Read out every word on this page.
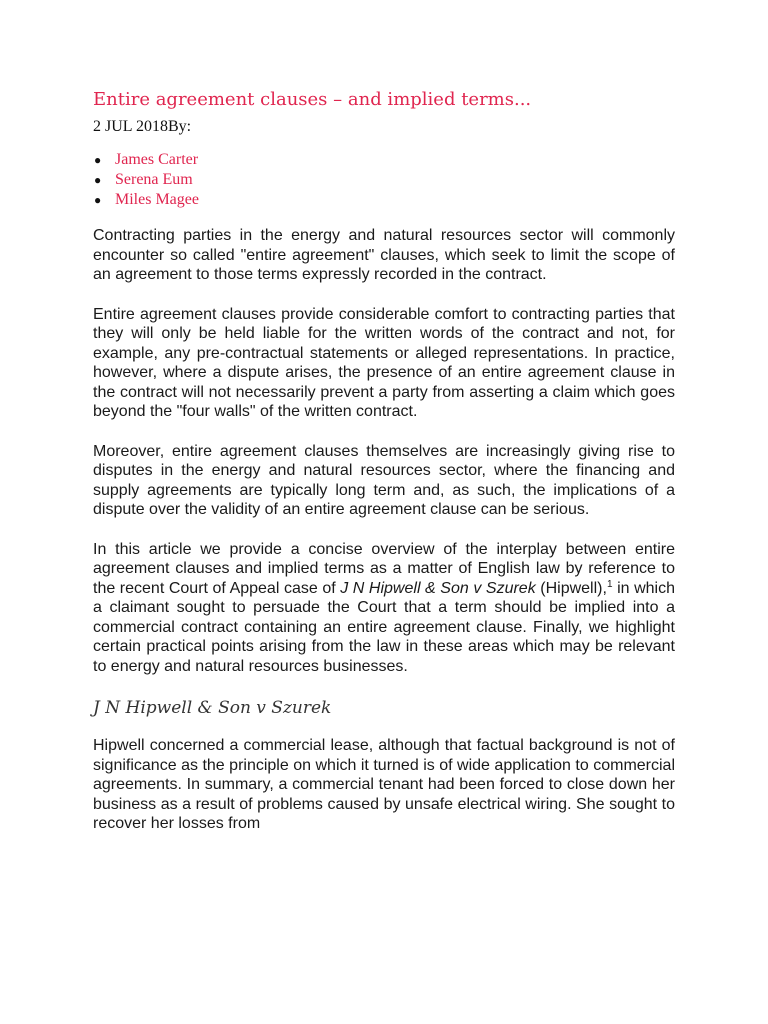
Entire agreement clauses – and implied terms...
2 JUL 2018By:
● James Carter
● Serena Eum
● Miles Magee

Contracting parties in the energy and natural resources sector will commonly encounter so called "entire agreement" clauses, which seek to limit the scope of an agreement to those terms expressly recorded in the contract.

Entire agreement clauses provide considerable comfort to contracting parties that they will only be held liable for the written words of the contract and not, for example, any pre-contractual statements or alleged representations. In practice, however, where a dispute arises, the presence of an entire agreement clause in the contract will not necessarily prevent a party from asserting a claim which goes beyond the "four walls" of the written contract.

Moreover, entire agreement clauses themselves are increasingly giving rise to disputes in the energy and natural resources sector, where the financing and supply agreements are typically long term and, as such, the implications of a dispute over the validity of an entire agreement clause can be serious.

In this article we provide a concise overview of the interplay between entire agreement clauses and implied terms as a matter of English law by reference to the recent Court of Appeal case of J N Hipwell & Son v Szurek (Hipwell),$^1$ in which a claimant sought to persuade the Court that a term should be implied into a commercial contract containing an entire agreement clause. Finally, we highlight certain practical points arising from the law in these areas which may be relevant to energy and natural resources businesses.

J N Hipwell & Son v Szurek

Hipwell concerned a commercial lease, although that factual background is not of significance as the principle on which it turned is of wide application to commercial agreements. In summary, a commercial tenant had been forced to close down her business as a result of problems caused by unsafe electrical wiring. She sought to recover her losses from
